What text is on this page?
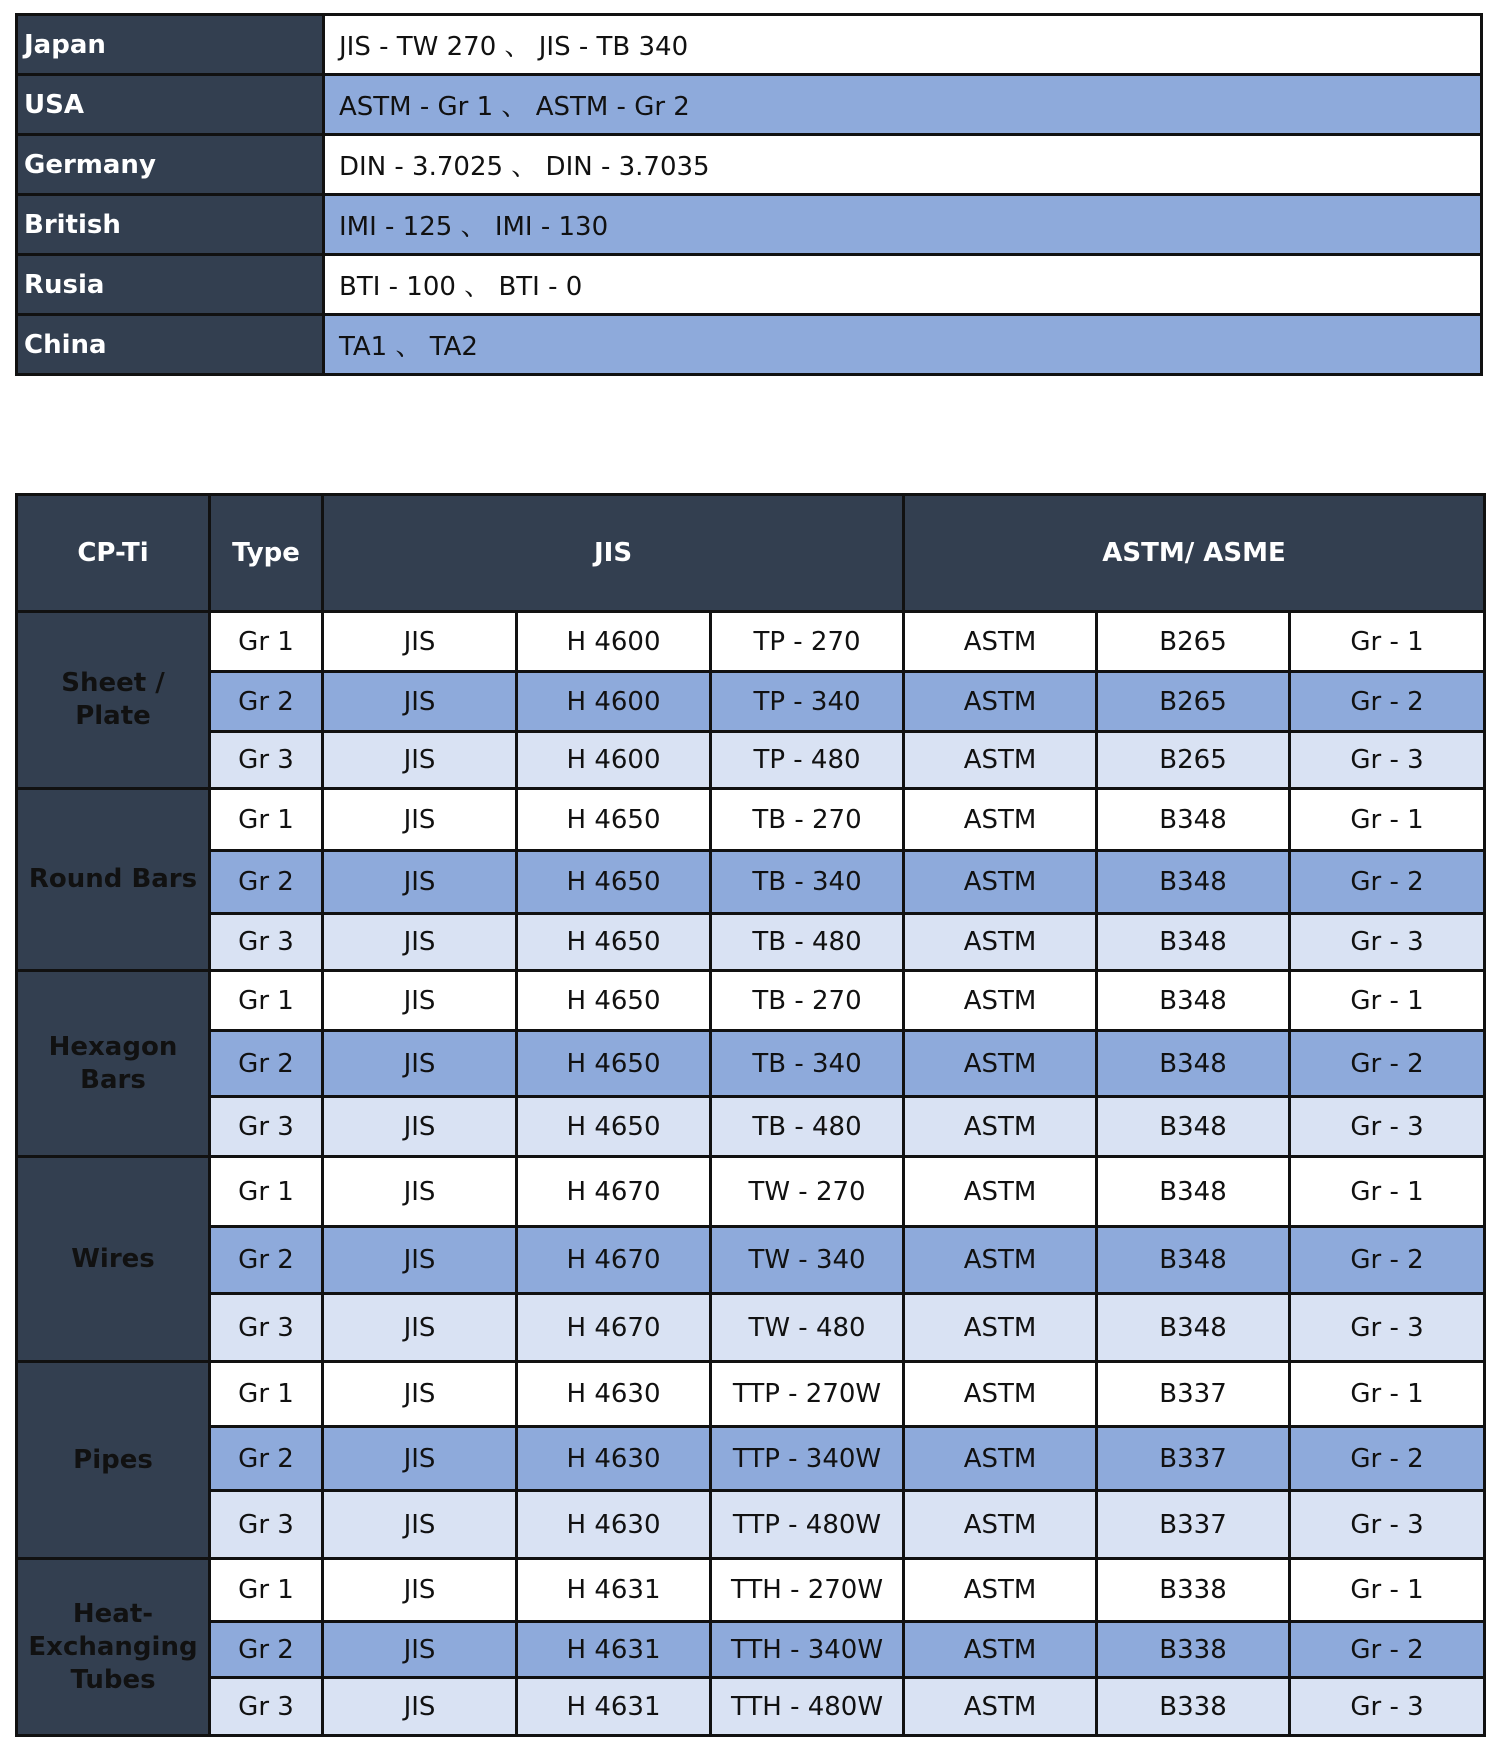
Japan	JIS - TW 270 、 JIS - TB 340
USA	ASTM - Gr 1 、 ASTM - Gr 2
Germany	DIN - 3.7025 、 DIN - 3.7035
British	IMI - 125 、 IMI - 130
Rusia	BTI - 100 、 BTI - 0
China	TA1 、 TA2
CP-Ti	Type	JIS			ASTM/ ASME		

Sheet /
Plate	Gr 1	JIS	H 4600	TP - 270	ASTM	B265	Gr - 1
	Gr 2	JIS	H 4600	TP - 340	ASTM	B265	Gr - 2
	Gr 3	JIS	H 4600	TP - 480	ASTM	B265	Gr - 3

Round Bars	Gr 1	JIS	H 4650	TB - 270	ASTM	B348	Gr - 1
	Gr 2	JIS	H 4650	TB - 340	ASTM	B348	Gr - 2
	Gr 3	JIS	H 4650	TB - 480	ASTM	B348	Gr - 3

Hexagon
Bars	Gr 1	JIS	H 4650	TB - 270	ASTM	B348	Gr - 1
	Gr 2	JIS	H 4650	TB - 340	ASTM	B348	Gr - 2
	Gr 3	JIS	H 4650	TB - 480	ASTM	B348	Gr - 3

Wires	Gr 1	JIS	H 4670	TW - 270	ASTM	B348	Gr - 1
	Gr 2	JIS	H 4670	TW - 340	ASTM	B348	Gr - 2
	Gr 3	JIS	H 4670	TW - 480	ASTM	B348	Gr - 3

Pipes	Gr 1	JIS	H 4630	TTP - 270W	ASTM	B337	Gr - 1
	Gr 2	JIS	H 4630	TTP - 340W	ASTM	B337	Gr - 2
	Gr 3	JIS	H 4630	TTP - 480W	ASTM	B337	Gr - 3

Heat-
Exchanging
Tubes	Gr 1	JIS	H 4631	TTH - 270W	ASTM	B338	Gr - 1
	Gr 2	JIS	H 4631	TTH - 340W	ASTM	B338	Gr - 2
	Gr 3	JIS	H 4631	TTH - 480W	ASTM	B338	Gr - 3
